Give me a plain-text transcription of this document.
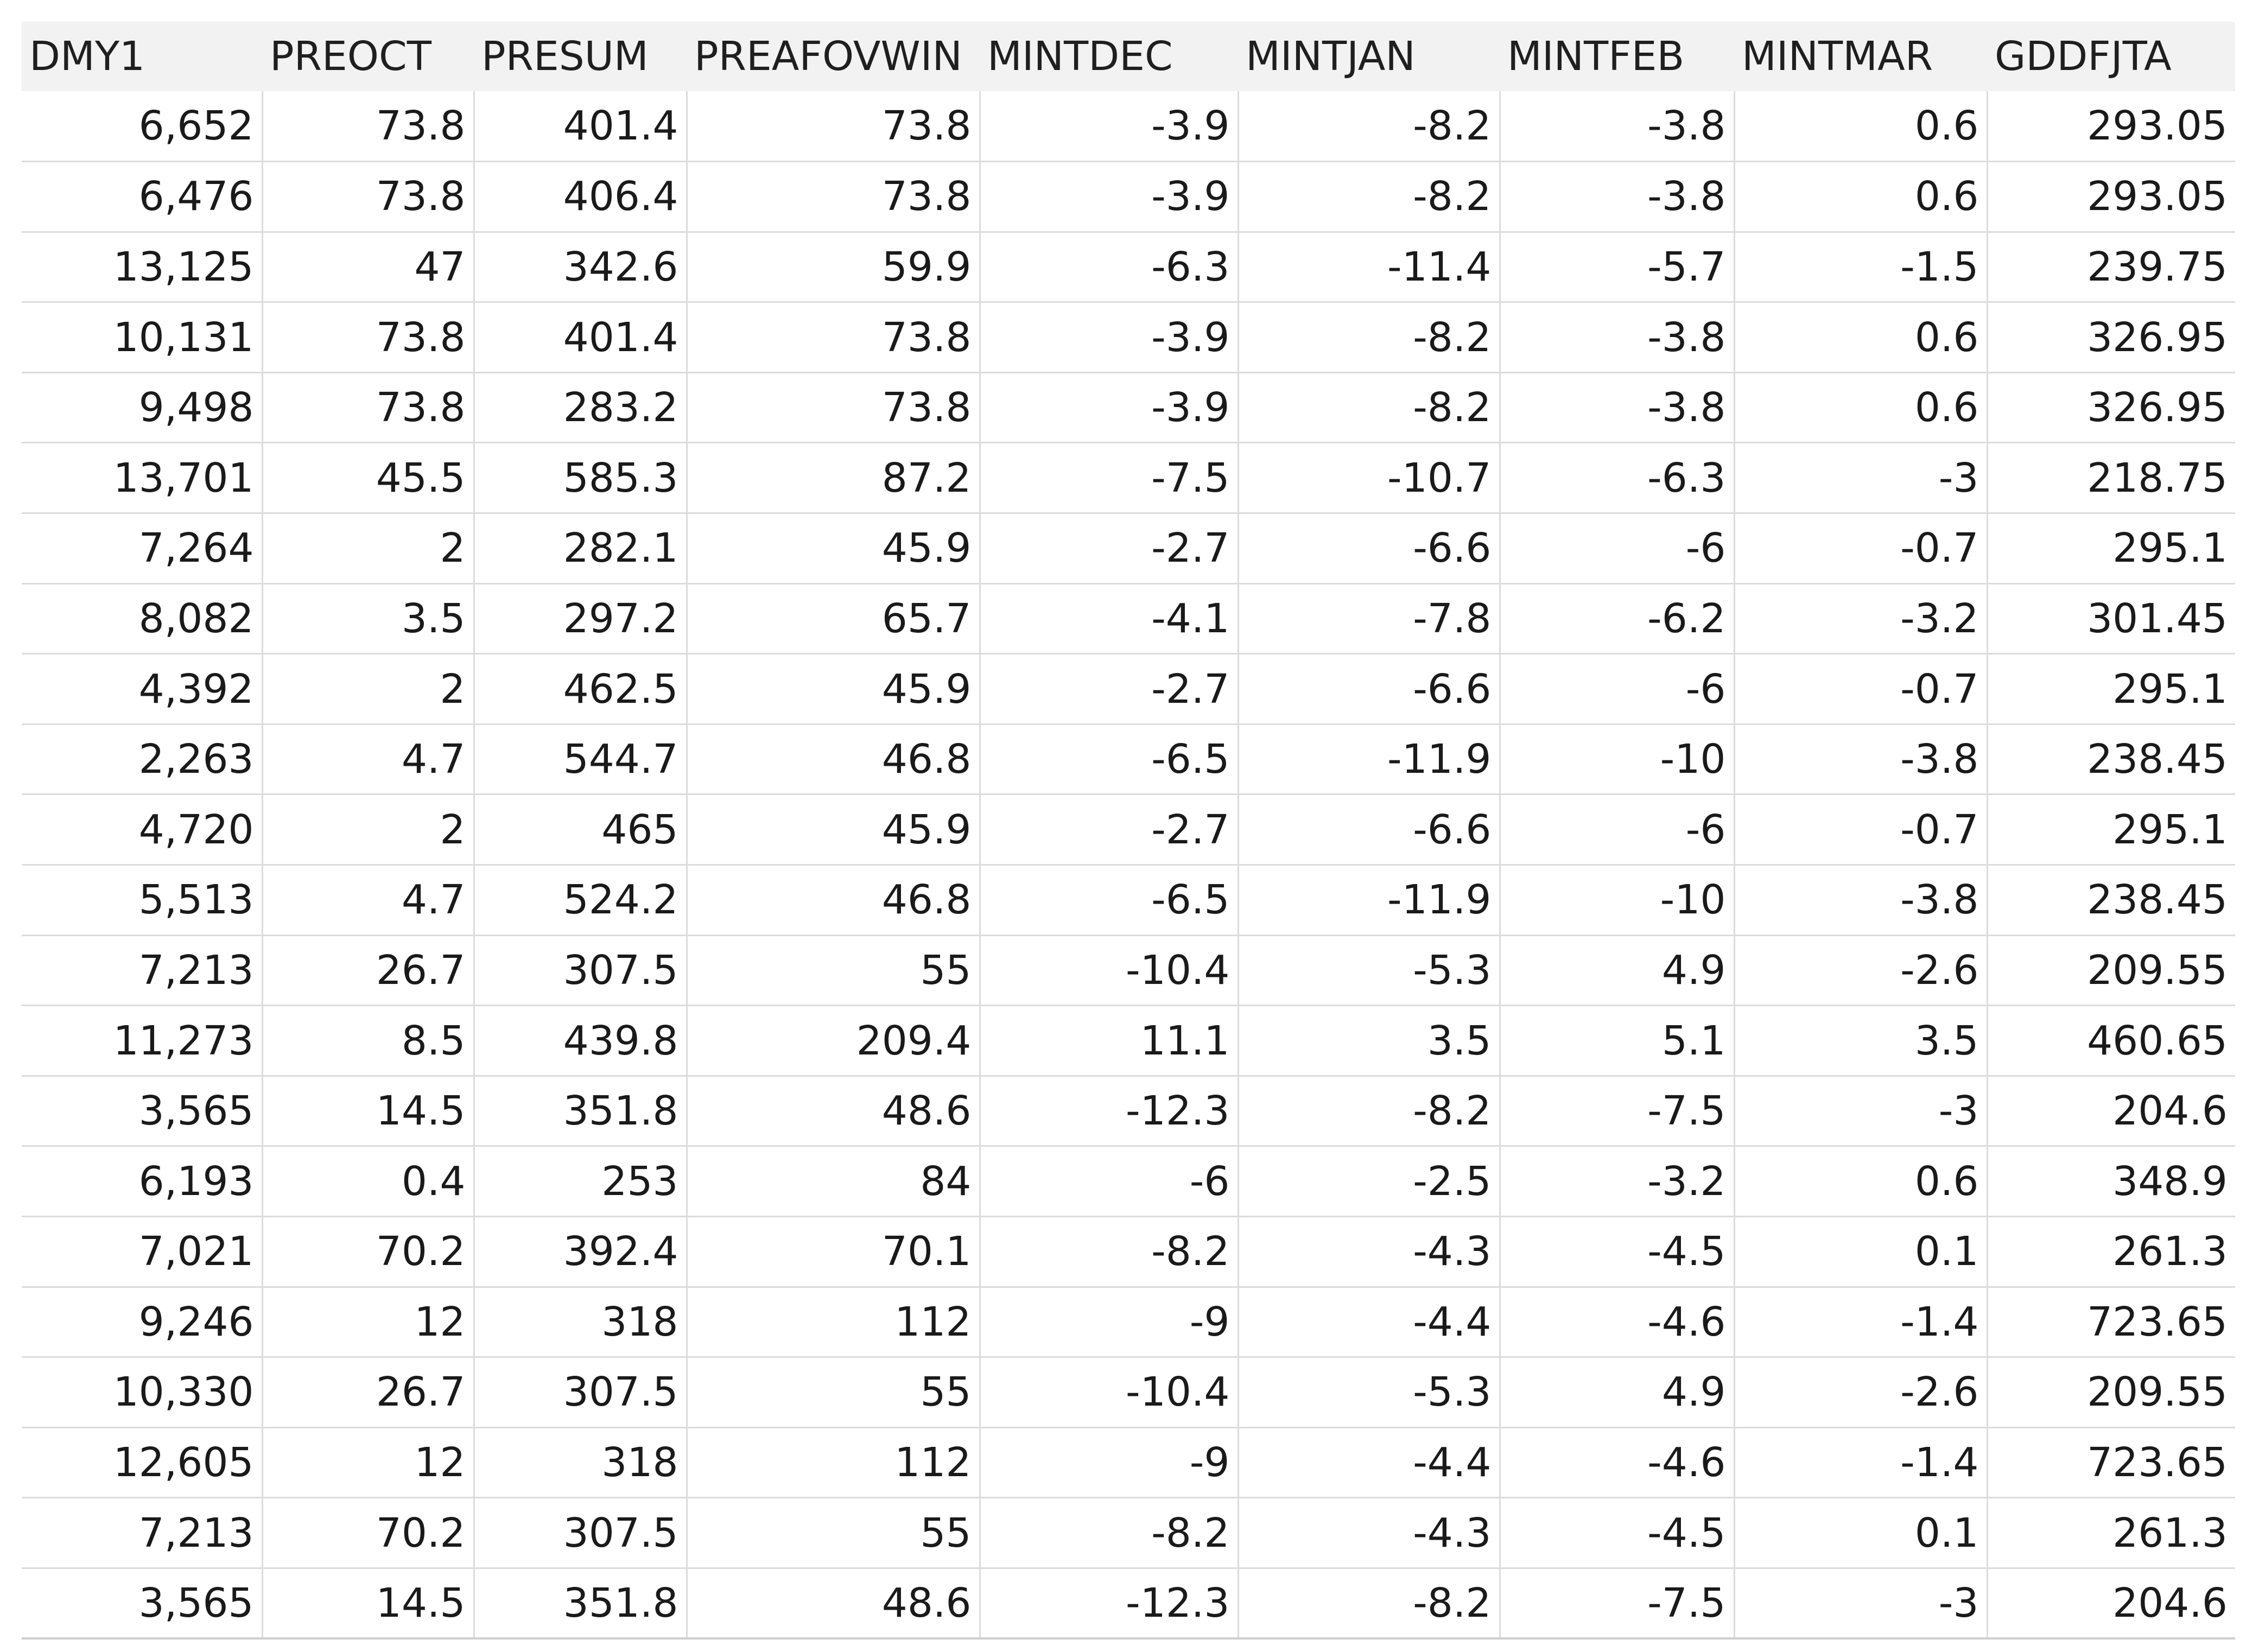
DMY1	PREOCT	PRESUM	PREAFOVWIN	MINTDEC	MINTJAN	MINTFEB	MINTMAR	GDDFJTA
6,652	73.8	401.4	73.8	-3.9	-8.2	-3.8	0.6	293.05
6,476	73.8	406.4	73.8	-3.9	-8.2	-3.8	0.6	293.05
13,125	47	342.6	59.9	-6.3	-11.4	-5.7	-1.5	239.75
10,131	73.8	401.4	73.8	-3.9	-8.2	-3.8	0.6	326.95
9,498	73.8	283.2	73.8	-3.9	-8.2	-3.8	0.6	326.95
13,701	45.5	585.3	87.2	-7.5	-10.7	-6.3	-3	218.75
7,264	2	282.1	45.9	-2.7	-6.6	-6	-0.7	295.1
8,082	3.5	297.2	65.7	-4.1	-7.8	-6.2	-3.2	301.45
4,392	2	462.5	45.9	-2.7	-6.6	-6	-0.7	295.1
2,263	4.7	544.7	46.8	-6.5	-11.9	-10	-3.8	238.45
4,720	2	465	45.9	-2.7	-6.6	-6	-0.7	295.1
5,513	4.7	524.2	46.8	-6.5	-11.9	-10	-3.8	238.45
7,213	26.7	307.5	55	-10.4	-5.3	4.9	-2.6	209.55
11,273	8.5	439.8	209.4	11.1	3.5	5.1	3.5	460.65
3,565	14.5	351.8	48.6	-12.3	-8.2	-7.5	-3	204.6
6,193	0.4	253	84	-6	-2.5	-3.2	0.6	348.9
7,021	70.2	392.4	70.1	-8.2	-4.3	-4.5	0.1	261.3
9,246	12	318	112	-9	-4.4	-4.6	-1.4	723.65
10,330	26.7	307.5	55	-10.4	-5.3	4.9	-2.6	209.55
12,605	12	318	112	-9	-4.4	-4.6	-1.4	723.65
7,213	70.2	307.5	55	-8.2	-4.3	-4.5	0.1	261.3
3,565	14.5	351.8	48.6	-12.3	-8.2	-7.5	-3	204.6
